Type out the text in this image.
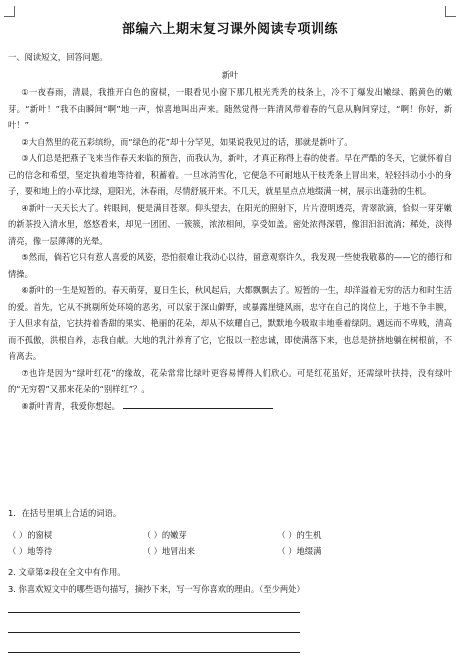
部编六上期末复习课外阅读专项训练
一、阅读短文，回答问题。
新叶

①一夜春雨，清晨，我推开白色的窗棂，一眼看见小窗下那几根光秃秃的枝条上，冷不丁爆发出嫩绿、鹅黄色的嫩芽。“新叶！”我不由瞬间“啊”地一声，惊喜地叫出声来。随然觉得一阵清风带着春的气息从胸间穿过，“啊！你好，新叶！”

②大自然里的花五彩缤纷，而“绿色的花”却十分罕见，如果说我见过的话，那就是新叶了。

③人们总是把燕子飞来当作春天来临的预告，而我认为，新叶，才真正称得上春的使者。早在严酷的冬天，它就怀着自己的信念和希望，坚定执着地等待着，积蓄着。一旦冰消雪化，它便急不可耐地从干枝秃条上冒出来，轻轻抖动小小的身子，要和地上的小草比绿，迎阳光，沐春雨，尽情舒展开来。不几天，就星星点点地缀满一树，展示出蓬勃的生机。

④新叶一天天长大了。转眼间，便是满目苍翠。仰头望去，在阳光的照射下，片片澄明透亮，青翠欲滴，恰似一芽芽嫩的新茶投入清水里，悠悠看来，却见一团团、一簇簇，浓浓相间，享受如盖。密处浓得深碧，像泪汩汩流淌；稀处，淡得清亮，像一层薄薄的光晕。

⑤然而，倘若它只有惹人喜爱的风姿，恐怕很难让我动心以待，留意观察许久，我发现一些使我敬慕的——它的德行和情操。

⑥新叶的一生是短暂的。春天萌芽，夏日生长，秋风起后，大都飘飘去了。短暂的一生，却洋溢着无穷的活力和时生活的爱。首先，它从不挑剔所处环境的恶劣，可以家于深山僻野，或暴露崖缝风雨，忠守在自己的岗位上，于地不争丰腴，于人但求有益，它扶持着香甜的果实、艳丽的花朵，却从不炫耀自己，默默地今吸取丰地垂着绿阴。遇远而不卑贱，清高而不孤傲，洪根自养，志我自献。大地的乳汁养育了它，它报以一腔忠诚，即使满落下来，也总是挤挤地躺在树根前，不肯离去。

⑦也许是因为“绿叶红花”的缘故，花朵常常比绿叶更容易博得人们欣心。可是红花虽好，还需绿叶扶持，没有绿叶的“无穷碧”又那来花朵的“别样红”？。

⑧新叶青青，我爱你想起。

1．在括号里填上合适的词语。
（ ）的窗棂	（ ）的嫩芽	（ ）的生机
（ ）地等待	（ ）地冒出来	（ ）地缀满
2. 文章第②段在全文中有作用。
3. 你喜欢短文中的哪些语句描写，摘抄下来，写一写你喜欢的理由。（至少两处）
